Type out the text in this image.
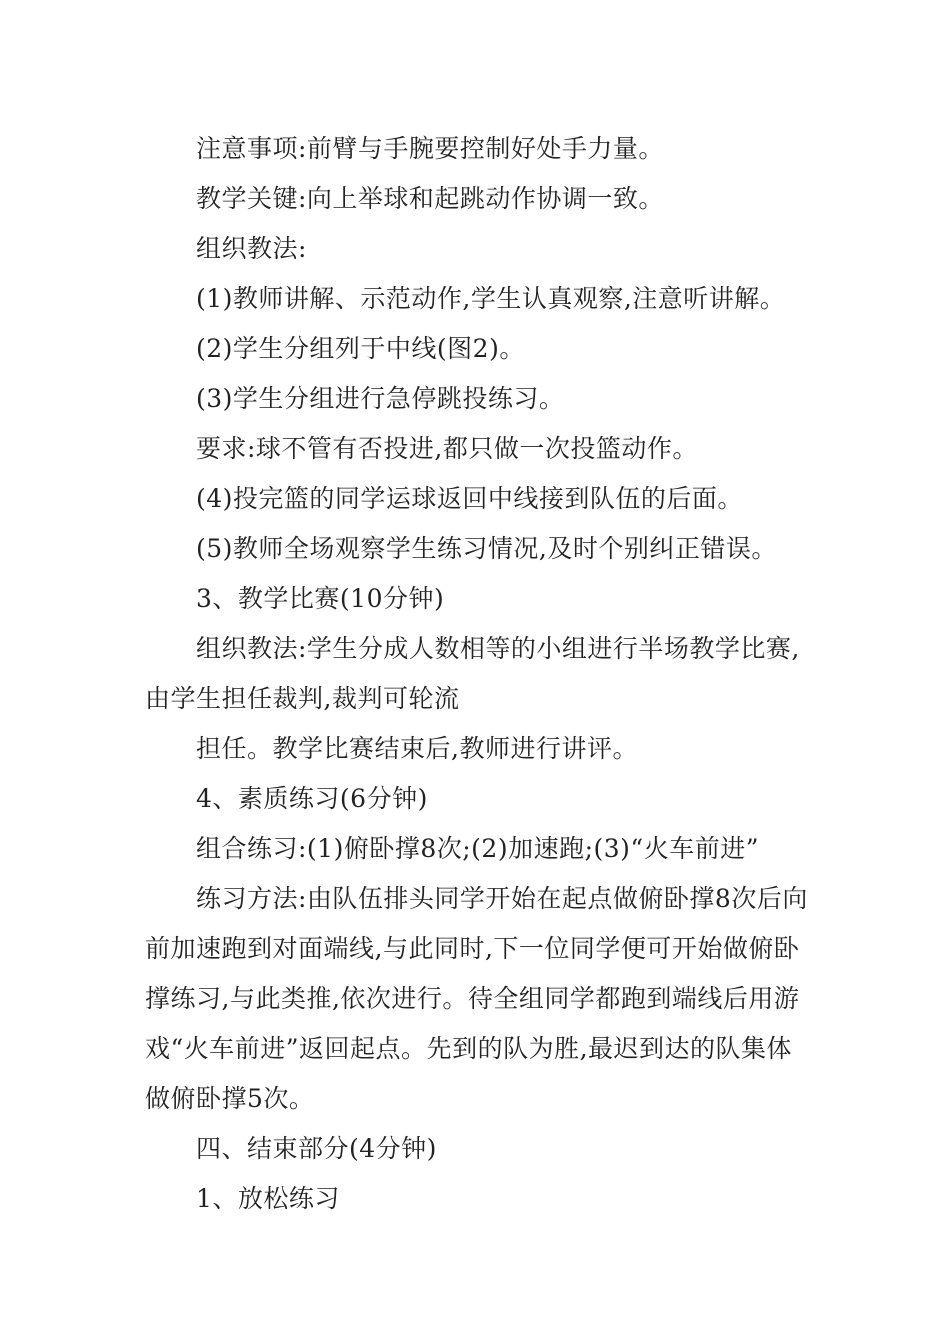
注意事项:前臂与手腕要控制好处手力量。

教学关键:向上举球和起跳动作协调一致。

组织教法:

(1)教师讲解、示范动作,学生认真观察,注意听讲解。

(2)学生分组列于中线(图2)。

(3)学生分组进行急停跳投练习。

要求:球不管有否投进,都只做一次投篮动作。

(4)投完篮的同学运球返回中线接到队伍的后面。

(5)教师全场观察学生练习情况,及时个别纠正错误。

3、教学比赛(10分钟)

组织教法:学生分成人数相等的小组进行半场教学比赛,由学生担任裁判,裁判可轮流

担任。教学比赛结束后,教师进行讲评。

4、素质练习(6分钟)

组合练习:(1)俯卧撑8次;(2)加速跑;(3)“火车前进”

练习方法:由队伍排头同学开始在起点做俯卧撑8次后向前加速跑到对面端线,与此同时,下一位同学便可开始做俯卧撑练习,与此类推,依次进行。待全组同学都跑到端线后用游戏“火车前进”返回起点。先到的队为胜,最迟到达的队集体做俯卧撑5次。

四、结束部分(4分钟)

1、放松练习
